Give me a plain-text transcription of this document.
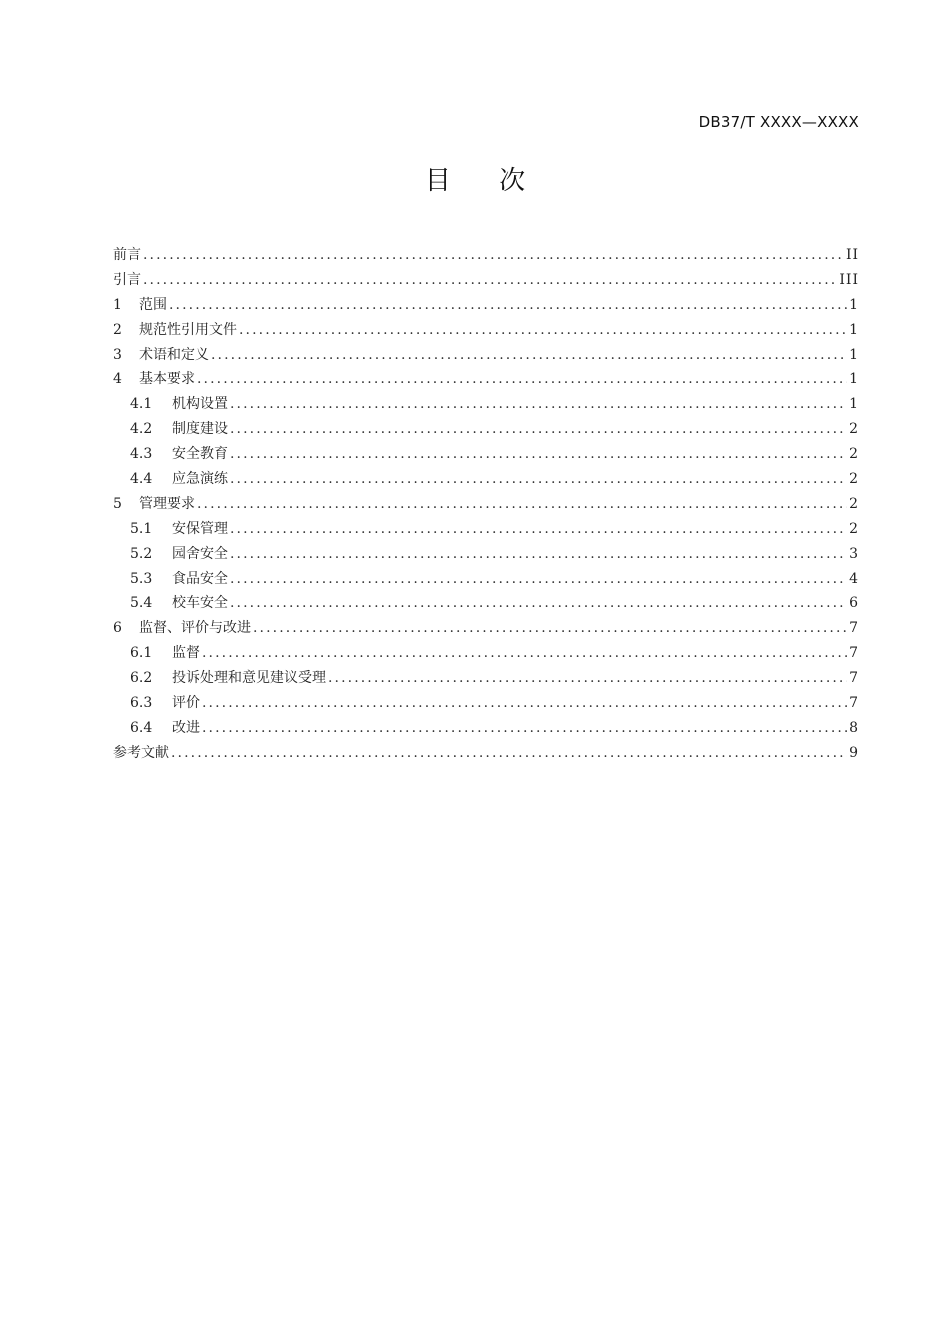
DB37/T XXXX—XXXX
目 次
前言 .....	II
引言 .....	III
1	范围 .....	1
2	规范性引用文件 .....	1
3	术语和定义 .....	1
4	基本要求 .....	1
4.1	机构设置 .....	1
4.2	制度建设 .....	2
4.3	安全教育 .....	2
4.4	应急演练 .....	2
5	管理要求 .....	2
5.1	安保管理 .....	2
5.2	园舍安全 .....	3
5.3	食品安全 .....	4
5.4	校车安全 .....	6
6	监督、评价与改进 .....	7
6.1	监督 .....	7
6.2	投诉处理和意见建议受理 .....	7
6.3	评价 .....	7
6.4	改进 .....	8
参考文献 .....	9
